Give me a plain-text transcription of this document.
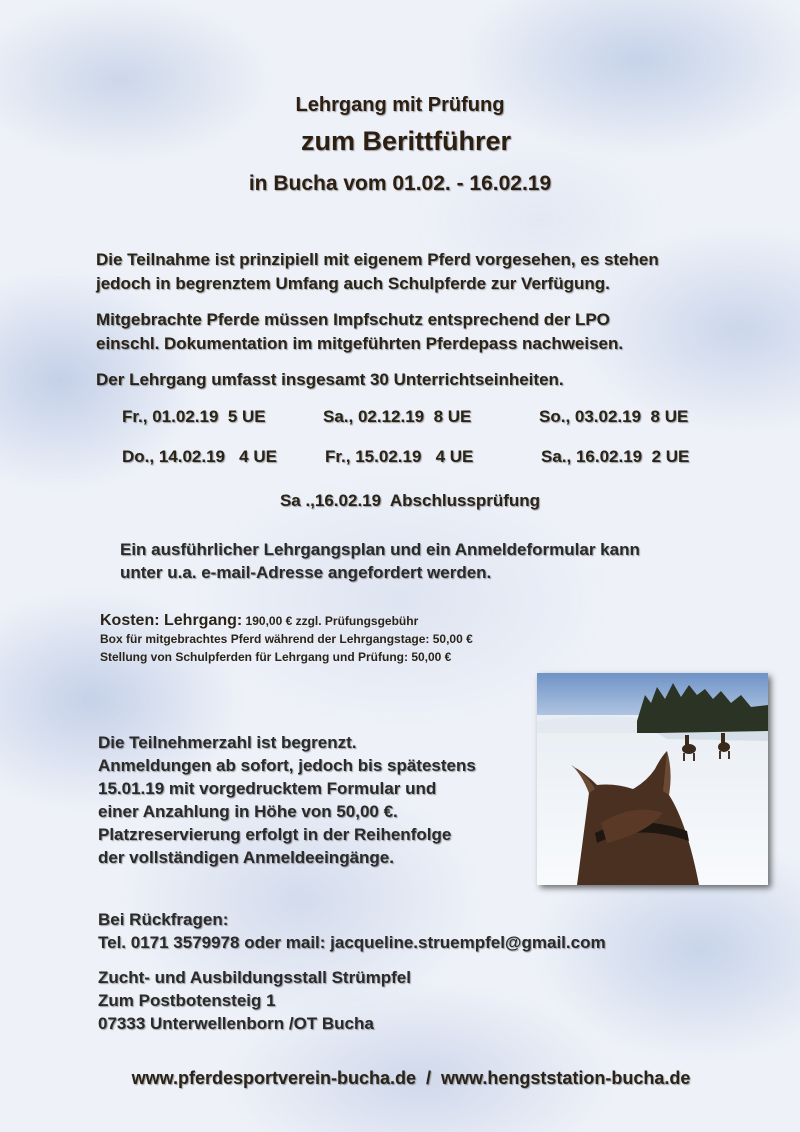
Lehrgang mit Prüfung
zum Berittführer
in Bucha vom 01.02. - 16.02.19
Die Teilnahme ist prinzipiell mit eigenem Pferd vorgesehen, es stehen
jedoch in begrenztem Umfang auch Schulpferde zur Verfügung.
Mitgebrachte Pferde müssen Impfschutz entsprechend der LPO
einschl. Dokumentation im mitgeführten Pferdepass nachweisen.
Der Lehrgang umfasst insgesamt 30 Unterrichtseinheiten.
Fr., 01.02.19  5 UE	Sa., 02.12.19  8 UE	So., 03.02.19  8 UE
Do., 14.02.19   4 UE	Fr., 15.02.19   4 UE	Sa., 16.02.19  2 UE
Sa .,16.02.19  Abschlussprüfung
Ein ausführlicher Lehrgangsplan und ein Anmeldeformular kann
unter u.a. e-mail-Adresse angefordert werden.
Kosten: Lehrgang: 190,00 € zzgl. Prüfungsgebühr
Box für mitgebrachtes Pferd während der Lehrgangstage: 50,00 €
Stellung von Schulpferden für Lehrgang und Prüfung: 50,00 €
Die Teilnehmerzahl ist begrenzt.
Anmeldungen ab sofort, jedoch bis spätestens
15.01.19 mit vorgedrucktem Formular und
einer Anzahlung in Höhe von 50,00 €.
Platzreservierung erfolgt in der Reihenfolge
der vollständigen Anmeldeeingänge.
Bei Rückfragen:
Tel. 0171 3579978 oder mail: jacqueline.struempfel@gmail.com
Zucht- und Ausbildungsstall Strümpfel
Zum Postbotensteig 1
07333 Unterwellenborn /OT Bucha
www.pferdesportverein-bucha.de  /  www.hengststation-bucha.de
